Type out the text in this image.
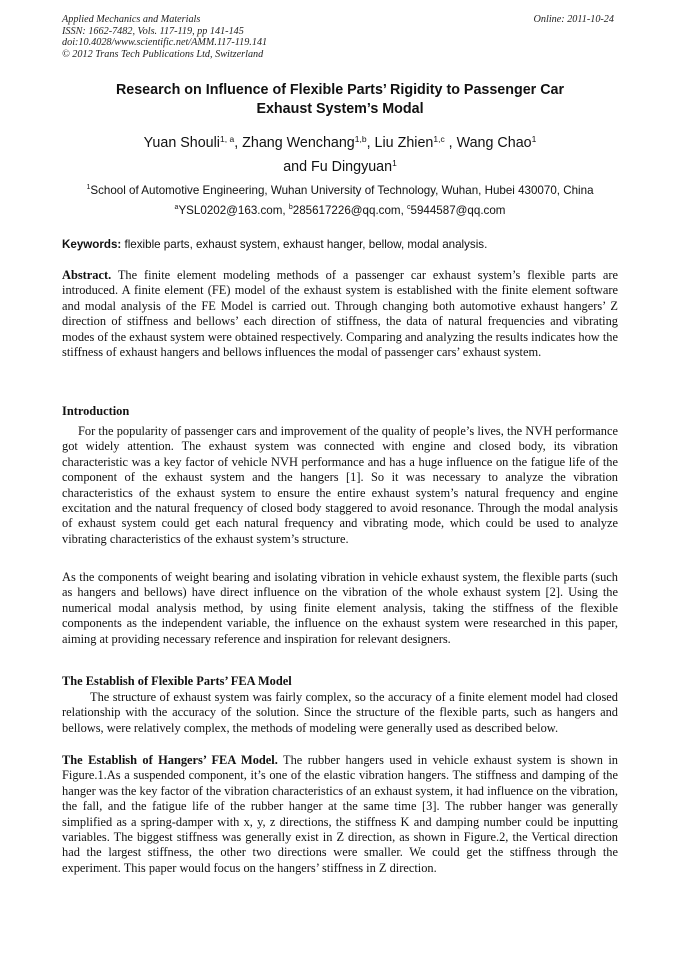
Applied Mechanics and Materials
ISSN: 1662-7482, Vols. 117-119, pp 141-145
doi:10.4028/www.scientific.net/AMM.117-119.141
© 2012 Trans Tech Publications Ltd, Switzerland
Online: 2011-10-24
Research on Influence of Flexible Parts’ Rigidity to Passenger Car
Exhaust System’s Modal
Yuan Shouli$^{1, a}$, Zhang Wenchang$^{1,b}$, Liu Zhien$^{1,c}$ , Wang Chao$^1$
and Fu Dingyuan$^1$
$^1$School of Automotive Engineering, Wuhan University of Technology, Wuhan, Hubei 430070, China
$^a$YSL0202@163.com, $^b$285617226@qq.com, $^c$5944587@qq.com
Keywords: flexible parts, exhaust system, exhaust hanger, bellow, modal analysis.
Abstract. The finite element modeling methods of a passenger car exhaust system’s flexible parts are introduced. A finite element (FE) model of the exhaust system is established with the finite element software and modal analysis of the FE Model is carried out. Through changing both automotive exhaust hangers’ Z direction of stiffness and bellows’ each direction of stiffness, the data of natural frequencies and vibrating modes of the exhaust system were obtained respectively. Comparing and analyzing the results indicates how the stiffness of exhaust hangers and bellows influences the modal of passenger cars’ exhaust system.
Introduction
For the popularity of passenger cars and improvement of the quality of people’s lives, the NVH performance got widely attention. The exhaust system was connected with engine and closed body, its vibration characteristic was a key factor of vehicle NVH performance and has a huge influence on the fatigue life of the component of the exhaust system and the hangers [1]. So it was necessary to analyze the vibration characteristics of the exhaust system to ensure the entire exhaust system’s natural frequency and engine excitation and the natural frequency of closed body staggered to avoid resonance. Through the modal analysis of exhaust system could get each natural frequency and vibrating mode, which could be used to analyze vibrating characteristics of the exhaust system’s structure.
As the components of weight bearing and isolating vibration in vehicle exhaust system, the flexible parts (such as hangers and bellows) have direct influence on the vibration of the whole exhaust system [2]. Using the numerical modal analysis method, by using finite element analysis, taking the stiffness of the flexible components as the independent variable, the influence on the exhaust system were researched in this paper, aiming at providing necessary reference and inspiration for relevant designers.
The Establish of Flexible Parts’ FEA Model
The structure of exhaust system was fairly complex, so the accuracy of a finite element model had closed relationship with the accuracy of the solution. Since the structure of the flexible parts, such as hangers and bellows, were relatively complex, the methods of modeling were generally used as described below.
The Establish of Hangers’ FEA Model. The rubber hangers used in vehicle exhaust system is shown in Figure.1.As a suspended component, it’s one of the elastic vibration hangers. The stiffness and damping of the hanger was the key factor of the vibration characteristics of an exhaust system, it had influence on the vibration, the fall, and the fatigue life of the rubber hanger at the same time [3]. The rubber hanger was generally simplified as a spring-damper with x, y, z directions, the stiffness K and damping number could be inputting variables. The biggest stiffness was generally exist in Z direction, as shown in Figure.2, the Vertical direction had the largest stiffness, the other two directions were smaller. We could get the stiffness through the experiment. This paper would focus on the hangers’ stiffness in Z direction.
